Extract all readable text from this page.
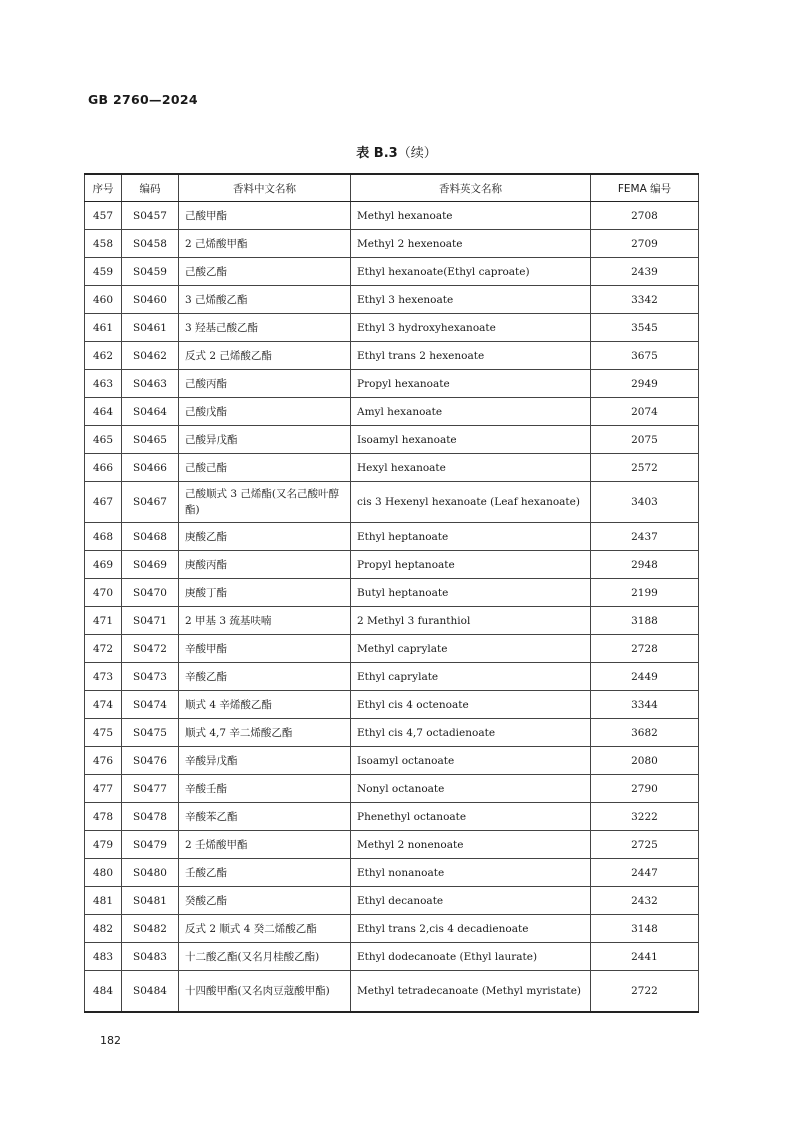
GB 2760—2024
表 B.3（续）
序号	编码	香料中文名称	香料英文名称	FEMA 编号
457	S0457	己酸甲酯	Methyl hexanoate	2708
458	S0458	2 己烯酸甲酯	Methyl 2 hexenoate	2709
459	S0459	己酸乙酯	Ethyl hexanoate(Ethyl caproate)	2439
460	S0460	3 己烯酸乙酯	Ethyl 3 hexenoate	3342
461	S0461	3 羟基己酸乙酯	Ethyl 3 hydroxyhexanoate	3545
462	S0462	反式 2 己烯酸乙酯	Ethyl trans 2 hexenoate	3675
463	S0463	己酸丙酯	Propyl hexanoate	2949
464	S0464	己酸戊酯	Amyl hexanoate	2074
465	S0465	己酸异戊酯	Isoamyl hexanoate	2075
466	S0466	己酸己酯	Hexyl hexanoate	2572
467	S0467	己酸顺式 3 己烯酯(又名己酸叶醇酯)	cis 3 Hexenyl hexanoate (Leaf hexanoate)	3403
468	S0468	庚酸乙酯	Ethyl heptanoate	2437
469	S0469	庚酸丙酯	Propyl heptanoate	2948
470	S0470	庚酸丁酯	Butyl heptanoate	2199
471	S0471	2 甲基 3 巯基呋喃	2 Methyl 3 furanthiol	3188
472	S0472	辛酸甲酯	Methyl caprylate	2728
473	S0473	辛酸乙酯	Ethyl caprylate	2449
474	S0474	顺式 4 辛烯酸乙酯	Ethyl cis 4 octenoate	3344
475	S0475	顺式 4,7 辛二烯酸乙酯	Ethyl cis 4,7 octadienoate	3682
476	S0476	辛酸异戊酯	Isoamyl octanoate	2080
477	S0477	辛酸壬酯	Nonyl octanoate	2790
478	S0478	辛酸苯乙酯	Phenethyl octanoate	3222
479	S0479	2 壬烯酸甲酯	Methyl 2 nonenoate	2725
480	S0480	壬酸乙酯	Ethyl nonanoate	2447
481	S0481	癸酸乙酯	Ethyl decanoate	2432
482	S0482	反式 2 顺式 4 癸二烯酸乙酯	Ethyl trans 2,cis 4 decadienoate	3148
483	S0483	十二酸乙酯(又名月桂酸乙酯)	Ethyl dodecanoate (Ethyl laurate)	2441
484	S0484	十四酸甲酯(又名肉豆蔻酸甲酯)	Methyl tetradecanoate (Methyl myristate)	2722
182
